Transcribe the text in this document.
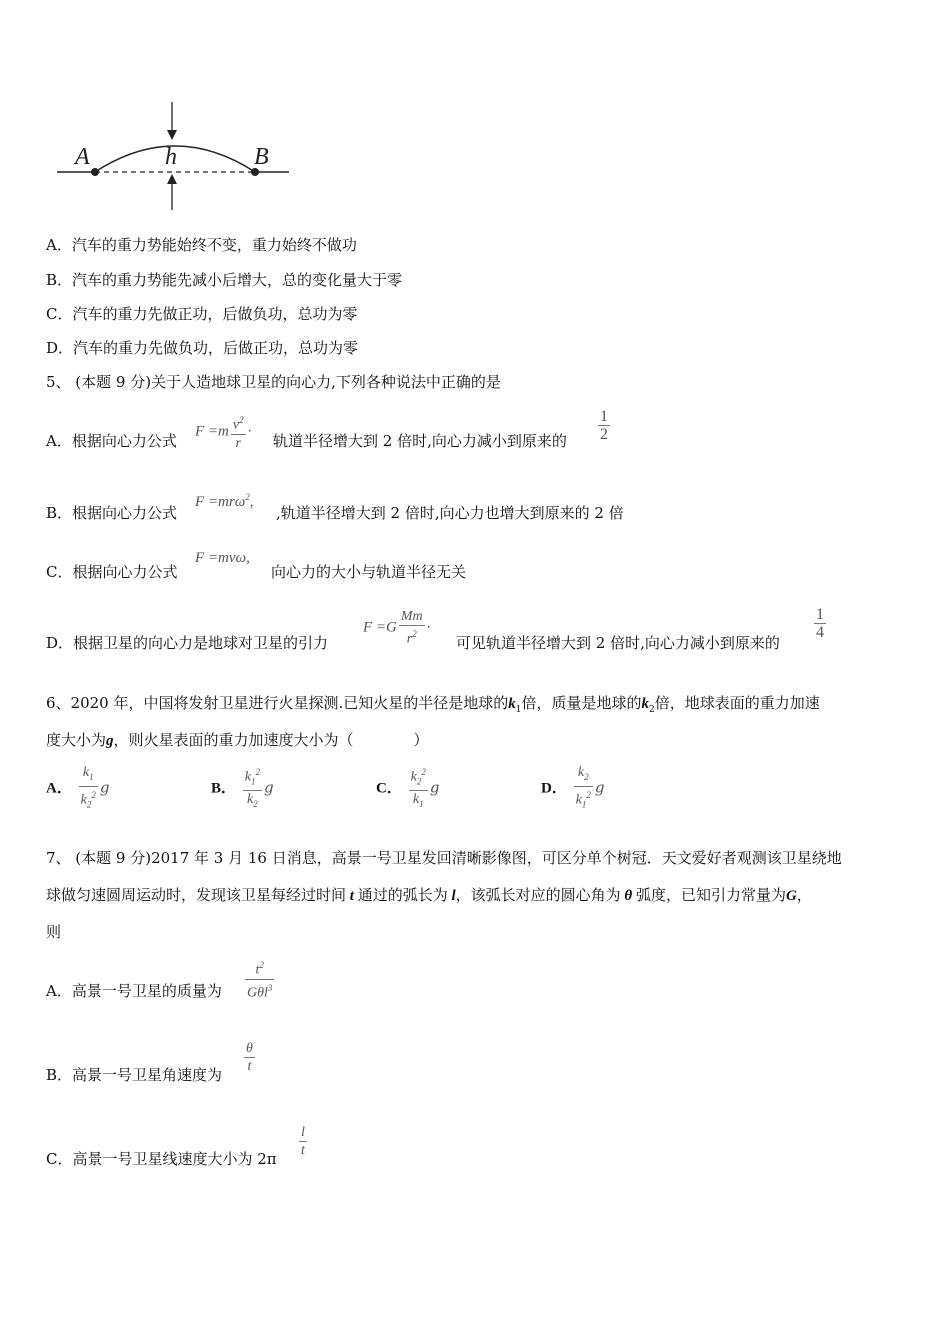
A	h	B
A．汽车的重力势能始终不变，重力始终不做功
B．汽车的重力势能先减小后增大，总的变化量大于零
C．汽车的重力先做正功，后做负功，总功为零
D．汽车的重力先做负功，后做正功，总功为零
5、 (本题 9 分)关于人造地球卫星的向心力,下列各种说法中正确的是
A．根据向心力公式
$F =m \frac{v^2}{r}$ ·
轨道半径增大到 2 倍时,向心力减小到原来的 $\frac{1}{2}$
B．根据向心力公式
F =mrω$^2$,
,轨道半径增大到 2 倍时,向心力也增大到原来的 2 倍
C．根据向心力公式
F =mvω,
向心力的大小与轨道半径无关
D．根据卫星的向心力是地球对卫星的引力
$F =G \frac{Mm}{r^2}$ ·
可见轨道半径增大到 2 倍时,向心力减小到原来的
$\frac{1}{4}$
6、2020 年，中国将发射卫星进行火星探测.已知火星的半径是地球的$k_1$倍，质量是地球的$k_2$倍，地球表面的重力加速
度大小为g，则火星表面的重力加速度大小为（　　　　）
A． $\frac{k_1}{k_2^2}$ g	B． $\frac{k_1^2}{k_2}$ g	C． $\frac{k_2^2}{k_1}$ g	D． $\frac{k_2}{k_1^2}$ g
7、 (本题 9 分)2017 年 3 月 16 日消息，高景一号卫星发回清晰影像图，可区分单个树冠．天文爱好者观测该卫星绕地
球做匀速圆周运动时，发现该卫星每经过时间 t 通过的弧长为 l，该弧长对应的圆心角为 θ 弧度，已知引力常量为G，
则
A．高景一号卫星的质量为 $\frac{t^2}{G\theta l^3}$
B．高景一号卫星角速度为 $\frac{\theta}{t}$
C．高景一号卫星线速度大小为 $2\pi \frac{l}{t}$
